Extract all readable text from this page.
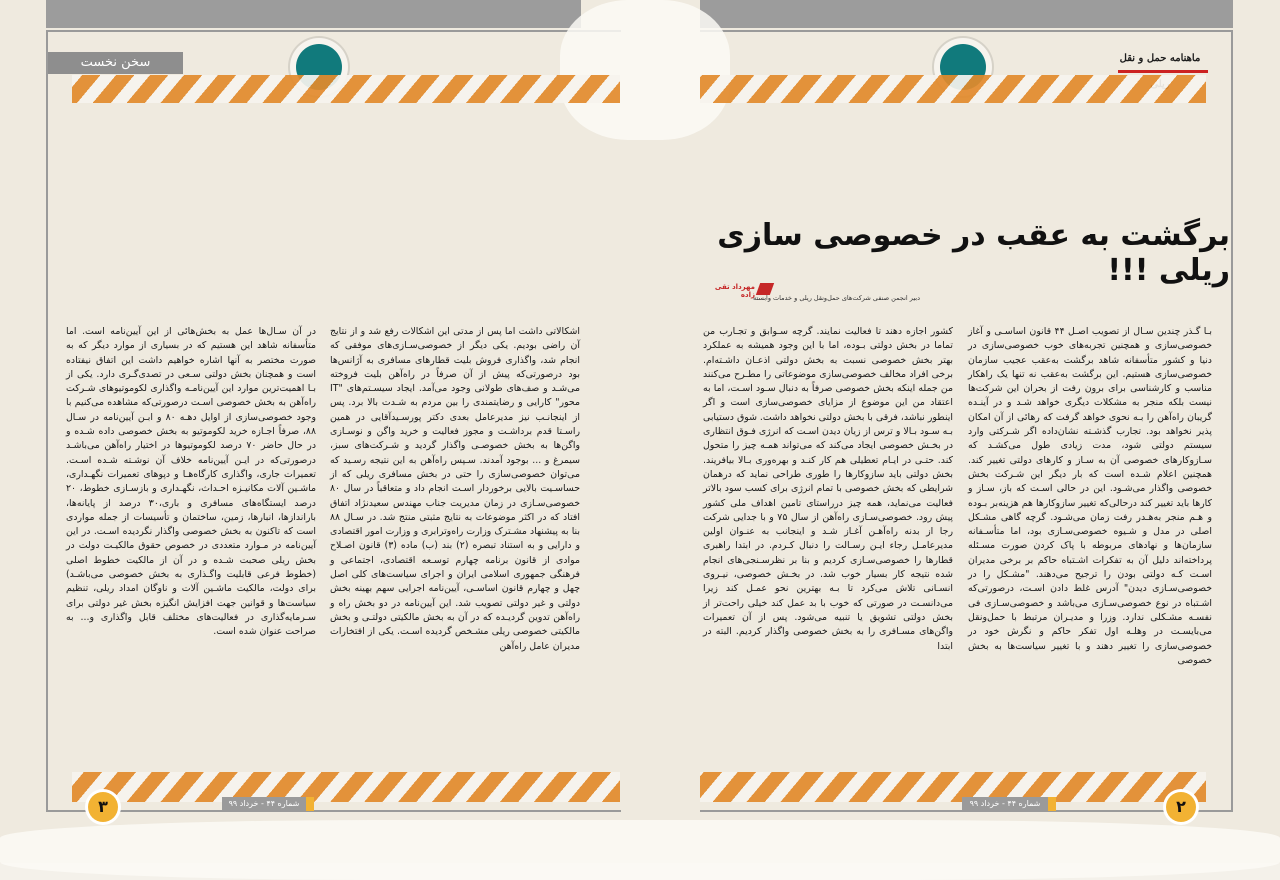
سخن نخست	ماهنامه حمل و نقل
برگشت به عقب در خصوصی سازی ریلی !!!
مهرداد تقی زاده
دبیر انجمن صنفی شرکت‌های حمل‌ونقل ریلی و خدمات وابسته

بـا گـذر چندین سـال از تصویب اصـل ۴۴ قانون اساسـی و آغاز خصوصی‌سازی و همچنین تجربه‌های خوب خصوصی‌سازی در دنیا و کشور متأسفانه شاهد برگشت به‌عقب عجیب سازمان خصوصی‌سازی هستیم. این برگشت به‌عقب نه تنها یک راهکار مناسب و کارشناسی برای برون رفت از بحران این شرکت‌ها نیست بلکه منجر به مشکلات دیگری خواهد شـد و در آینـده گریبان راه‌آهن را بـه نحوی خواهد گرفت که رهائی از آن امکان پذیر نخواهد بود. تجارب گذشـته نشان‌داده اگر شـرکتی وارد سیستم دولتی شود، مدت زیادی طول می‌کشـد که سـازوکارهای خصوصی آن به سـاز و کارهای دولتی تغییر کند. همچنین اعلام شـده است که بار دیگر این شـرکت بخش خصوصی واگذار می‌شـود. این در حالی اسـت که باز، سـاز و کارها باید تغییر کند درحالی‌که تغییر سازوکارها هم هزینه‌بر بـوده و هـم منجر به‌هـدر رفت زمان می‌شـود. گرچه گاهی مشـکل اصلی در مدل و شـیوه خصوصی‌سـازی بود، اما متأسـفانه سازمان‌ها و نهادهای مربوطه با پاک کردن صورت مسـئله پرداخته‌اند دلیل آن به تفکرات اشـتباه حاکم بر برخی مدیران اسـت کـه دولتی بودن را ترجیح می‌دهند. "مشـکل را در خصوصی‌سـازی دیدن" آدرس غلط دادن اسـت، درصورتی‌که اشـتباه در نوع خصوصی‌سـازی می‌باشد و خصوصی‌سـازی فی نفسـه مشـکلی ندارد. وزرا و مدیـران مرتبط با حمل‌ونقل می‌بایسـت در وهلـه اول تفکر حاکم و نگرش خود در خصوصی‌سازی را تغییر دهند و با تغییر سیاست‌ها به بخش خصوصی

کشور اجازه دهند تا فعالیت نمایند. گرچه سـوابق و تجـارب من تماما در بخش دولتی بـوده، اما با این وجود همیشه به عملکرد بهتر بخش خصوصی نسبت به بخش دولتی اذعـان داشـته‌ام. برخی افراد مخالف خصوصی‌سازی موضوعاتی را مطـرح می‌کنند من جمله اینکه بخش خصوصی صرفاً به دنبال سـود اسـت، اما به اعتقاد من این موضوع از مزایای خصوصی‌سازی است و اگر اینطور نباشد، فرقی با بخش دولتی نخواهد داشت. شوق دستیابی بـه سـود بـالا و ترس از زیان دیدن اسـت که انرژی فـوق انتظاری در بخـش خصوصی ایجاد می‌کند که می‌تواند همـه چیز را متحول کند. حتـی در ایـام تعطیلی هم کار کنـد و بهره‌وری بـالا بیافریند. بخش دولتی باید سازوکارها را طوری طراحی نماید که درهمان شرایطی که بخش خصوصی با تمام انرژی برای کسب سود بالاتر فعالیت می‌نماید، همه چیز درراستای تامین اهداف ملی کشور پیش رود. خصوصی‌سـازی راه‌آهن از سال ۷۵ و با جدایی شرکت رجا از بدنه راه‌آهـن آغـاز شـد و اینجانب به عنـوان اولین مدیرعامـل رجاء ایـن رسـالت را دنبال کـردم. در ابتدا راهبری قطارها را خصوصی‌سـازی کردیم و بنا بر نظرسـنجی‌های انجام شده نتیجه کار بسیار خوب شد. در بخـش خصوصی، نیـروی انسـانی تلاش می‌کرد تا بـه بهترین نحو عمـل کند زیرا می‌دانسـت در صورتی که خوب با بد عمل کند خیلی راحت‌تر از بخش دولتی تشویق یا تنبیه می‌شود. پس از آن تعمیرات واگن‌های مسـافری را به بخش خصوصی واگذار کردیم. البته در ابتدا

اشکالاتی داشت اما پس از مدتی این اشکالات رفع شد و از نتایج آن راضی بودیم. یکی دیگر از خصوصی‌سـازی‌های موفقی که انجام شد، واگذاری فروش بلیت قطارهای مسافری به آژانس‌ها بود درصورتی‌که پیش از آن صرفاً در راه‌آهن بلیت فروخته می‌شـد و صف‌های طولانی وجود می‌آمد. ایجاد سیسـتم‌های "IT محور" کارایی و رضایتمندی را بین مردم به شـدت بالا برد. پس از اینجانـب نیز مدیرعامل بعدی دکتر پورسـیدآقایی در همین راسـتا قدم برداشـت و مجوز فعالیت و خرید واگن و نوسـازی واگن‌ها به بخش خصوصـی واگذار گردید و شـرکت‌های سبز، سیمرغ و ... بوجود آمدند. سـپس راه‌آهن به این نتیجه رسـید که می‌توان خصوصی‌سازی را حتی در بخش مسافری ریلی که از حساسـیت بالایی برخوردار اسـت انجام داد و متعاقباً در سال ۸۰ خصوصی‌سـازی در زمان مدیریت جناب مهندس سعیدنژاد اتفاق افتاد که در اکثر موضوعات به نتایج مثبتی منتج شد. در سـال ۸۸ بنا به پیشنهاد مشـترک وزارت راه‌وترابری و وزارت امور اقتصادی و دارایی و به استناد تبصره (۲) بند (ب) ماده (۳) قانون اصـلاح موادی از قانون برنامه چهارم توسـعه اقتصادی، اجتماعی و فرهنگی جمهوری اسلامی ایران و اجرای سیاست‌های کلی اصل چهل و چهارم قانون اساسـی، آیین‌نامه اجرایی سهم بهینه بخش دولتی و غیر دولتی تصویب شد. این آیین‌نامه در دو بخش راه و راه‌آهن تدوین گردیـده که در آن به بخش مالکیتی دولتـی و بخش مالکیتی خصوصی ریلی مشـخص گردیده اسـت. یکی از افتخارات مدیران عامل راه‌آهن

در آن سـال‌ها عمل به بخش‌هائی از این آیین‌نامه است. اما متأسفانه شاهد این هستیم که در بسیاری از موارد دیگر که به صورت مختصر به آنها اشاره خواهیم داشت این اتفاق نیفتاده است و همچنان بخش دولتی سـعی در تصدی‌گـری دارد. یکی از بـا اهمیت‌ترین موارد این آیین‌نامـه واگذاری لکوموتیوهای شـرکت راه‌آهن به بخش خصوصی اسـت درصورتی‌که مشاهده می‌کنیم با وجود خصوصی‌سازی از اوایل دهـه ۸۰ و ابـن آیین‌نامه در سـال ۸۸، صرفاً اجـازه خرید لکوموتیو به بخش خصوصی داده شـده و در حال حاضر ۷۰ درصد لکوموتیوها در اختیار راه‌آهن می‌باشـد درصورتی‌که در ایـن آیین‌نامه خلاف آن نوشـته شـده اسـت. تعمیرات جاری، واگذاری کارگاه‌هـا و دپوهای تعمیرات نگهـداری، ماشـین آلات مکانیـزه احـداث، نگهـداری و بازسـازی خطوط، ۲۰ درصد ایستگاه‌های مسافری و باری،۳۰ درصد از پایانه‌ها، بارانداز‌ها، انبارها، زمین، ساختمان و تأسیسات از جمله مواردی است که تاکنون به بخش خصوصی واگذار نگردیده اسـت. در این آیین‌نامه در مـوارد متعددی در خصوص حقوق مالکیـت دولت در بخش ریلی صحبت شـده و در آن از مالکیت خطوط اصلی (خطوط فرعی قابلیت واگـذاری به بخش خصوصی می‌باشـد) برای دولت، مالکیت ماشـین آلات و ناوگان امداد ریلی، تنظیم سیاست‌ها و قوانین جهت افزایش انگیزه بخش غیر دولتی برای سـرمایه‌گذاری در فعالیت‌های مختلف قابل واگذاری و... به صراحت عنوان شده است.

شماره ۴۴ - خرداد ۹۹	شماره ۴۴ - خرداد ۹۹
۳	۲
